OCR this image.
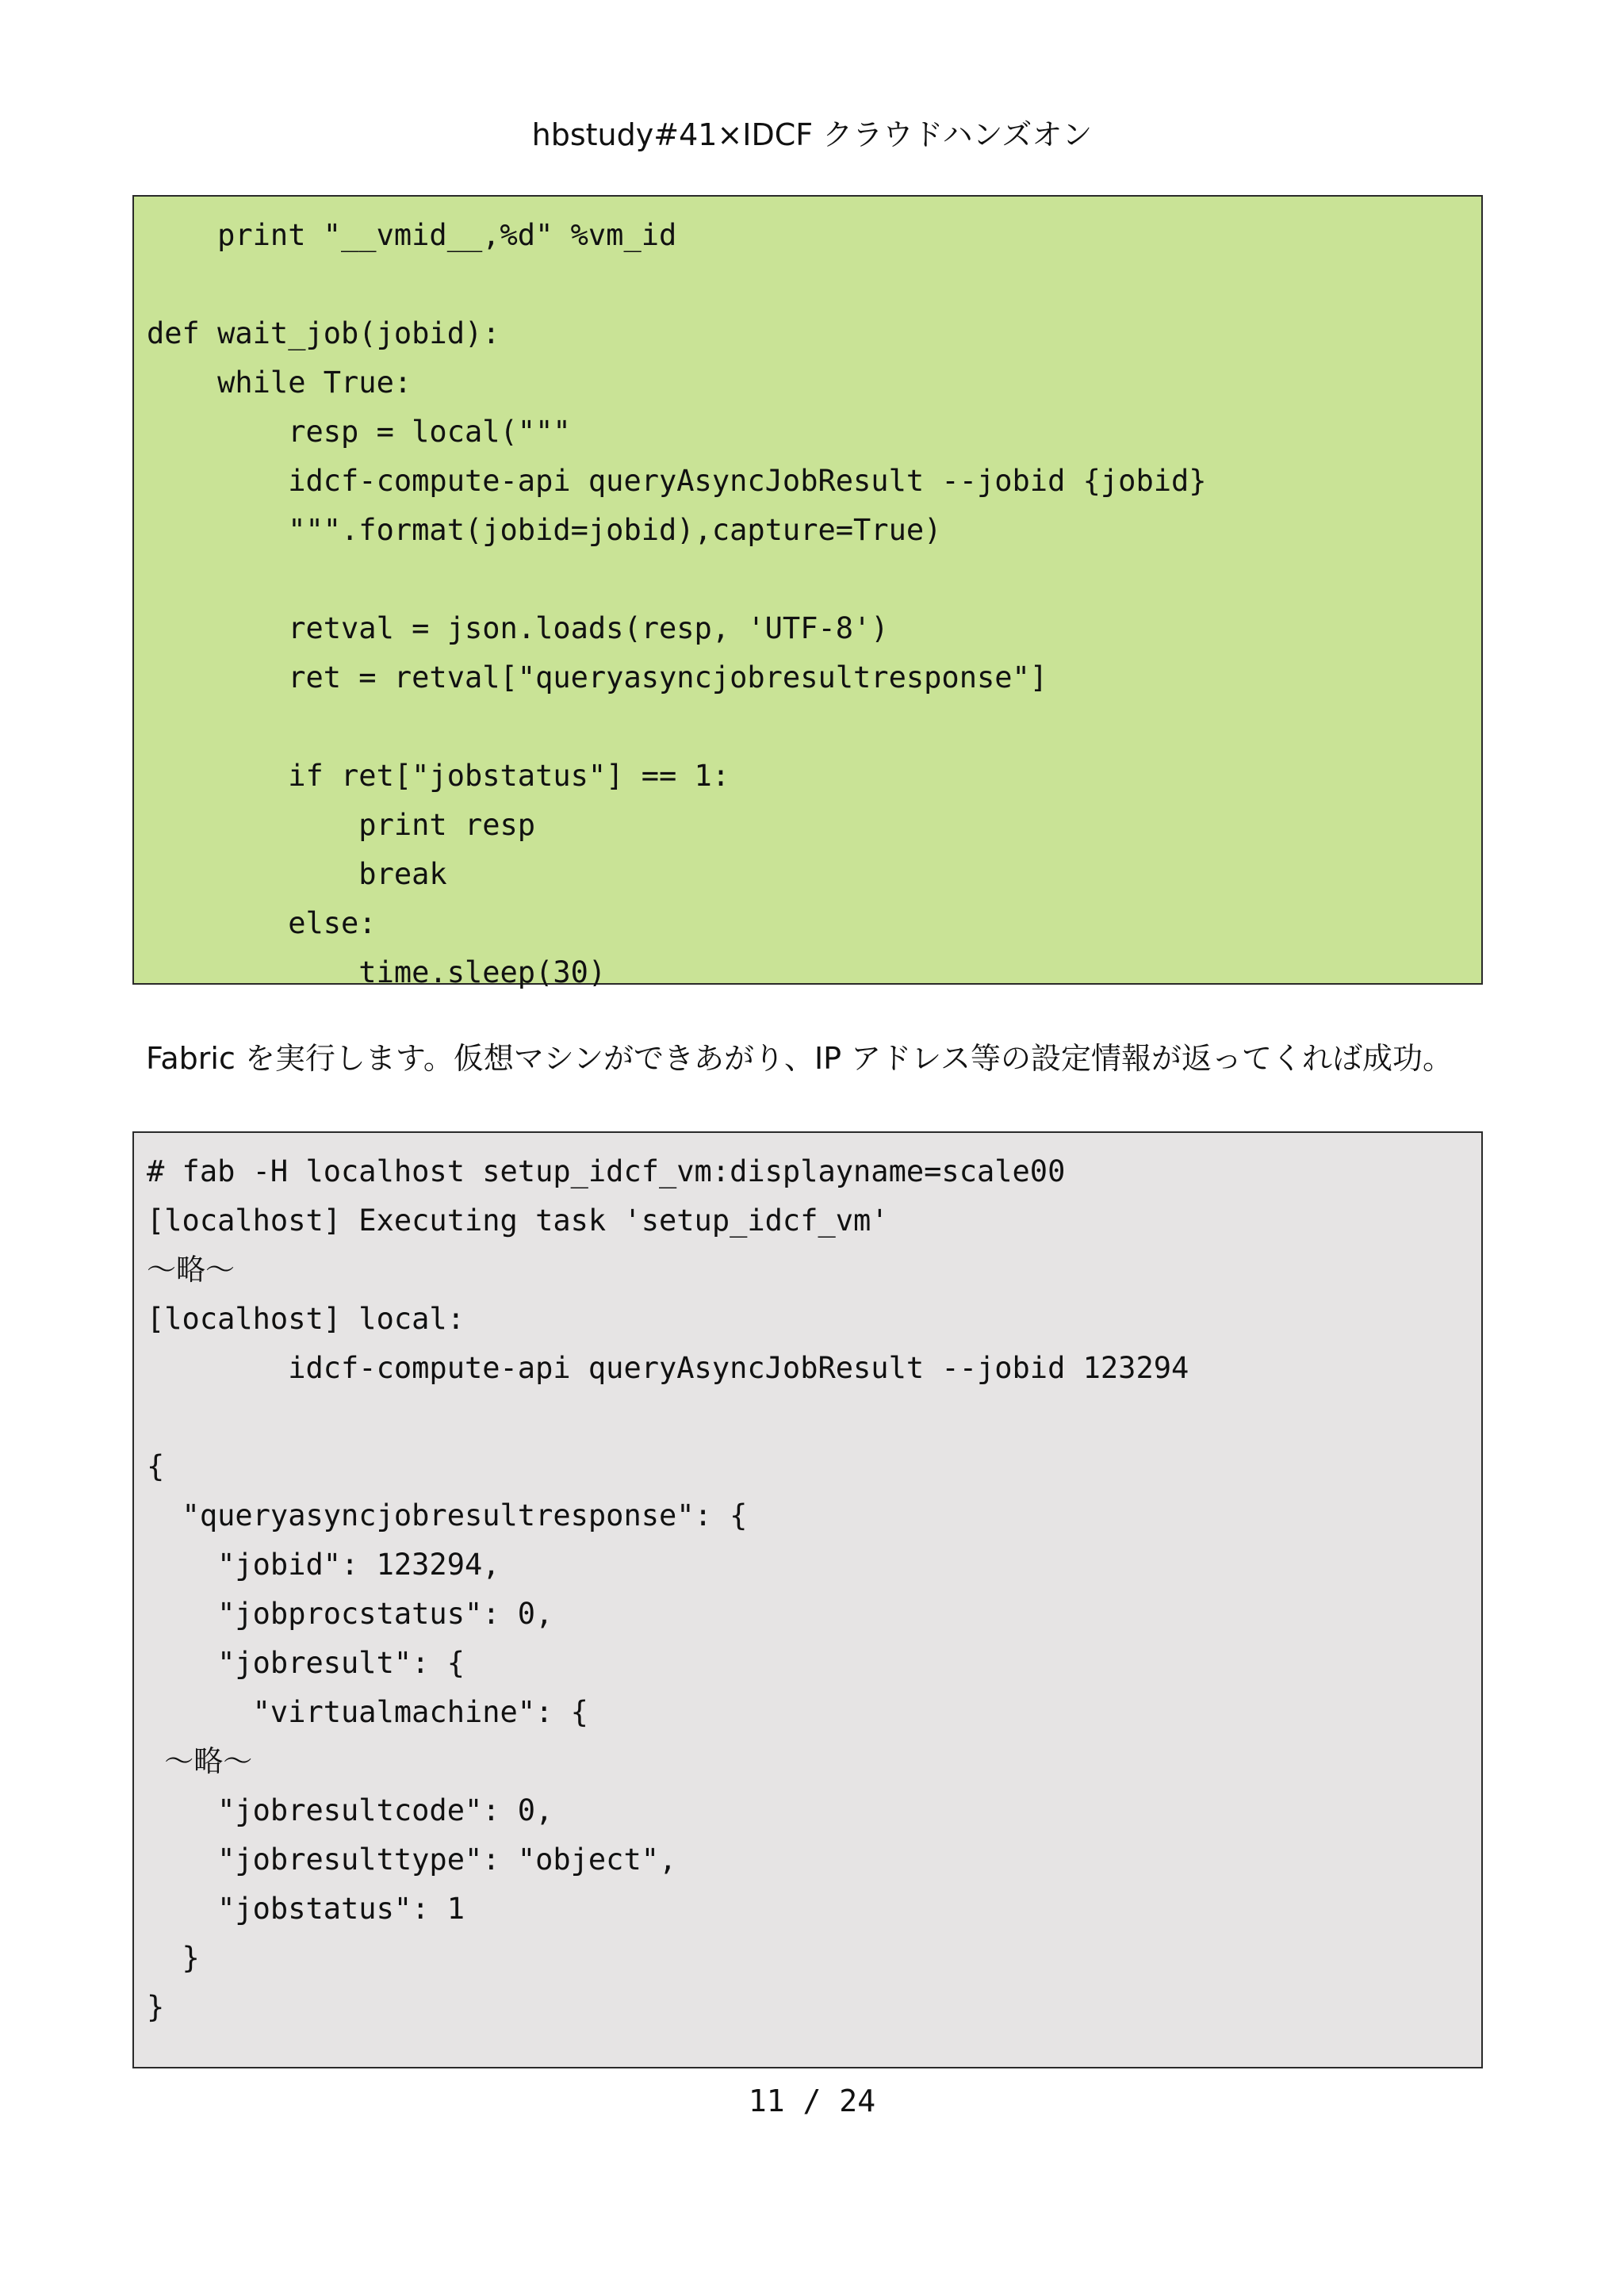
hbstudy#41×IDCF クラウドハンズオン
print "__vmid__,%d" %vm_id
def wait_job(jobid):
while True:
resp = local("""
idcf-compute-api queryAsyncJobResult --jobid {jobid}
""".format(jobid=jobid),capture=True)
retval = json.loads(resp, 'UTF-8')
ret = retval["queryasyncjobresultresponse"]
if ret["jobstatus"] == 1:
print resp
break
else:
time.sleep(30)
Fabric を実行します。仮想マシンができあがり、IP アドレス等の設定情報が返ってくれば成功。
# fab -H localhost setup_idcf_vm:displayname=scale00
[localhost] Executing task 'setup_idcf_vm'
～略～
[localhost] local:
idcf-compute-api queryAsyncJobResult --jobid 123294
{
"queryasyncjobresultresponse": {
"jobid": 123294,
"jobprocstatus": 0,
"jobresult": {
"virtualmachine": {
～略～
"jobresultcode": 0,
"jobresulttype": "object",
"jobstatus": 1
}
}
11 / 24
